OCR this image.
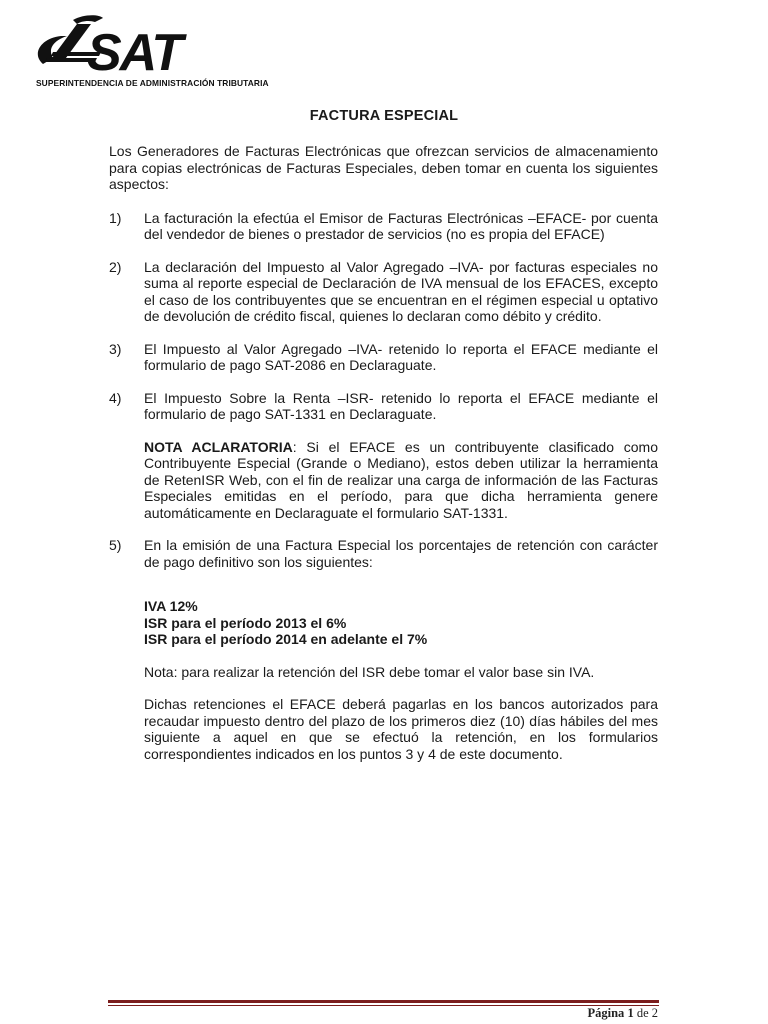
SAT
SUPERINTENDENCIA DE ADMINISTRACIÓN TRIBUTARIA
FACTURA ESPECIAL

Los Generadores de Facturas Electrónicas que ofrezcan servicios de almacenamiento para copias electrónicas de Facturas Especiales, deben tomar en cuenta los siguientes aspectos:

1)	La facturación la efectúa el Emisor de Facturas Electrónicas –EFACE- por cuenta del vendedor de bienes o prestador de servicios (no es propia del EFACE)

2)	La declaración del Impuesto al Valor Agregado –IVA- por facturas especiales no suma al reporte especial de Declaración de IVA mensual de los EFACES, excepto el caso de los contribuyentes que se encuentran en el régimen especial u optativo de devolución de crédito fiscal, quienes lo declaran como débito y crédito.

3)	El Impuesto al Valor Agregado –IVA- retenido lo reporta el EFACE mediante el formulario de pago SAT-2086 en Declaraguate.

4)	El Impuesto Sobre la Renta –ISR- retenido lo reporta el EFACE mediante el formulario de pago SAT-1331 en Declaraguate.

NOTA ACLARATORIA: Si el EFACE es un contribuyente clasificado como Contribuyente Especial (Grande o Mediano), estos deben utilizar la herramienta de RetenISR Web, con el fin de realizar una carga de información de las Facturas Especiales emitidas en el período, para que dicha herramienta genere automáticamente en Declaraguate el formulario SAT-1331.

5)	En la emisión de una Factura Especial los porcentajes de retención con carácter de pago definitivo son los siguientes:

IVA 12%
ISR para el período 2013 el 6%
ISR para el período 2014 en adelante el 7%

Nota: para realizar la retención del ISR debe tomar el valor base sin IVA.

Dichas retenciones el EFACE deberá pagarlas en los bancos autorizados para recaudar impuesto dentro del plazo de los primeros diez (10) días hábiles del mes siguiente a aquel en que se efectuó la retención, en los formularios correspondientes indicados en los puntos 3 y 4 de este documento.

Página 1 de 2
